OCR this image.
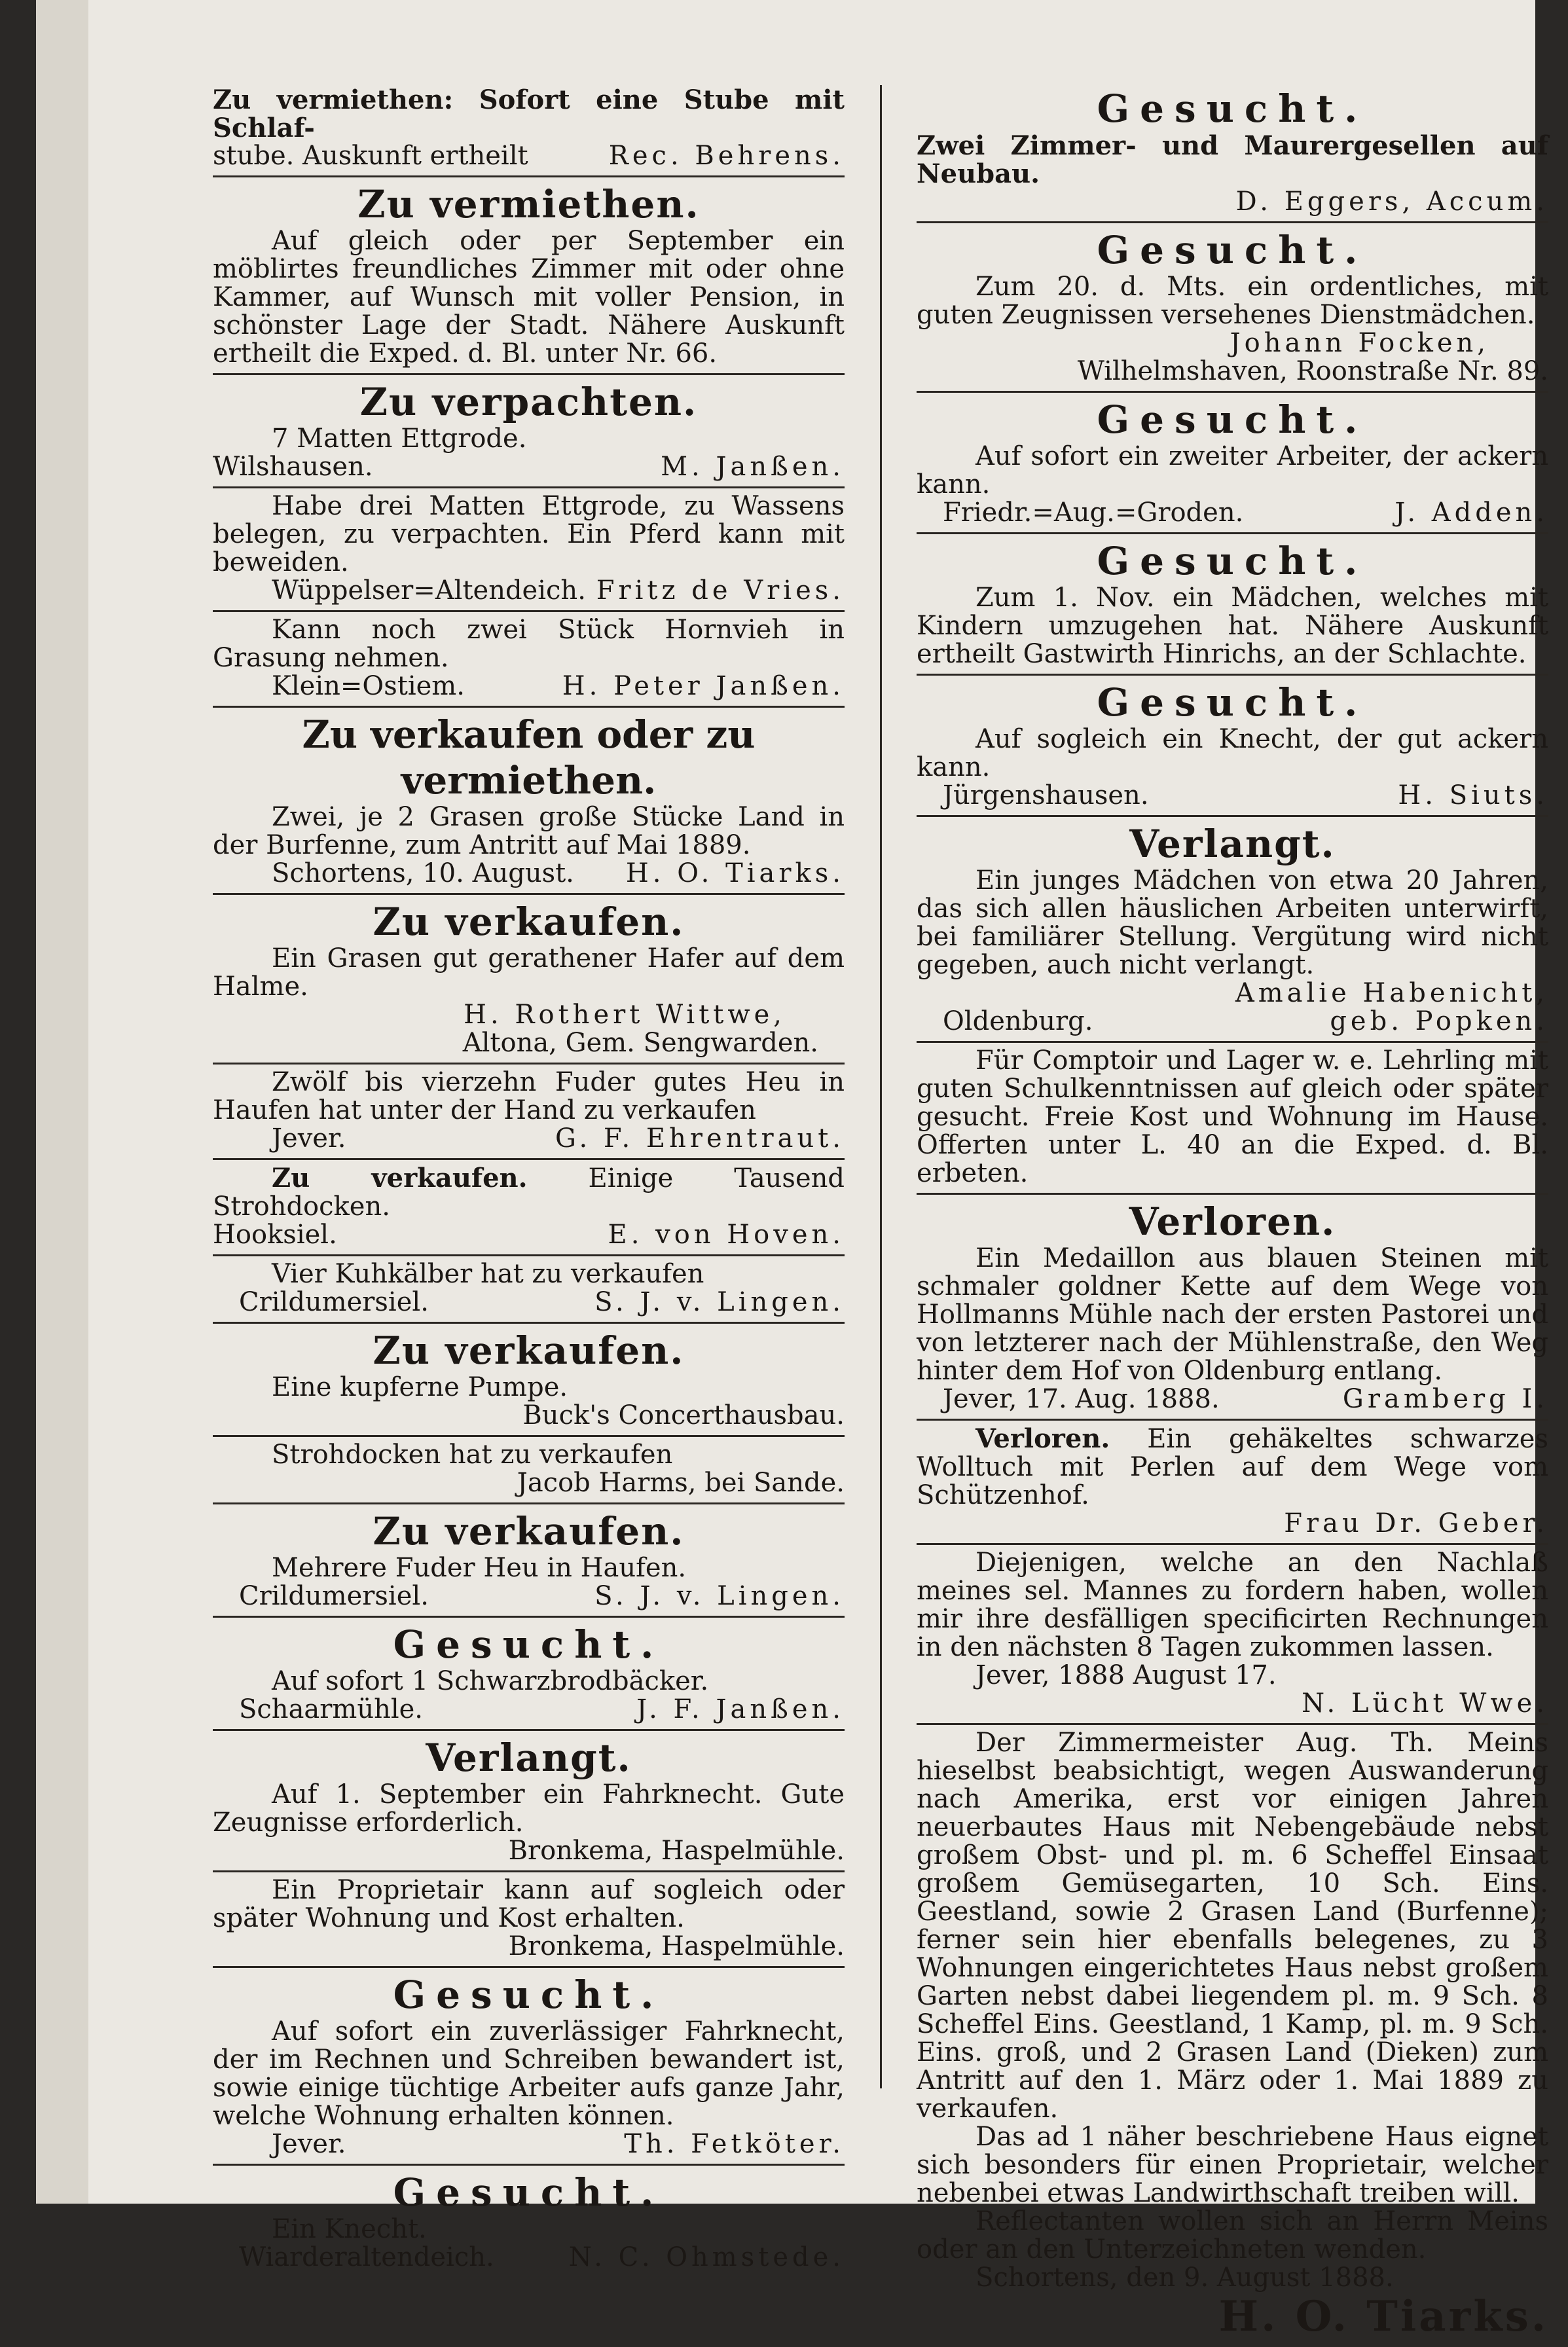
Zu vermiethen: Sofort eine Stube mit Schlaf-

stube. Auskunft ertheilt	Rec. Behrens.
Zu vermiethen.

Auf gleich oder per September ein möblirtes freundliches Zimmer mit oder ohne Kammer, auf Wunsch mit voller Pension, in schönster Lage der Stadt. Nähere Auskunft ertheilt die Exped. d. Bl. unter Nr. 66.

Zu verpachten.

7 Matten Ettgrode.

Wilshausen.	M. Janßen.

Habe drei Matten Ettgrode, zu Wassens belegen, zu verpachten. Ein Pferd kann mit beweiden.

Wüppelser=Altendeich. Fritz de Vries.

Kann noch zwei Stück Hornvieh in Grasung nehmen.

Klein=Ostiem.	H. Peter Janßen.
Zu verkaufen oder zu vermiethen.

Zwei, je 2 Grasen große Stücke Land in der Burfenne, zum Antritt auf Mai 1889.

Schortens, 10. August. H. O. Tiarks.
Zu verkaufen.

Ein Grasen gut gerathener Hafer auf dem Halme.

H. Rothert Wittwe,
Altona, Gem. Sengwarden.

Zwölf bis vierzehn Fuder gutes Heu in Haufen hat unter der Hand zu verkaufen

Jever.	G. F. Ehrentraut.

Zu verkaufen. Einige Tausend Strohdocken.

Hooksiel.	E. von Hoven.

Vier Kuhkälber hat zu verkaufen

Crildumersiel.	S. J. v. Lingen.
Zu verkaufen.

Eine kupferne Pumpe.

Buck's Concerthausbau.

Strohdocken hat zu verkaufen

Jacob Harms, bei Sande.
Zu verkaufen.

Mehrere Fuder Heu in Haufen.

Crildumersiel.	S. J. v. Lingen.
Gesucht.

Auf sofort 1 Schwarzbrodbäcker.

Schaarmühle.	J. F. Janßen.
Verlangt.

Auf 1. September ein Fahrknecht. Gute Zeugnisse erforderlich.

Bronkema, Haspelmühle.

Ein Proprietair kann auf sogleich oder später Wohnung und Kost erhalten.

Bronkema, Haspelmühle.
Gesucht.

Auf sofort ein zuverlässiger Fahrknecht, der im Rechnen und Schreiben bewandert ist, sowie einige tüchtige Arbeiter aufs ganze Jahr, welche Wohnung erhalten können.

Jever.	Th. Fetköter.
Gesucht.

Ein Knecht.

Wiarderaltendeich.	N. C. Ohmstede.
Gesucht.

Zwei Zimmer- und Maurergesellen auf Neubau.

D. Eggers, Accum.
Gesucht.

Zum 20. d. Mts. ein ordentliches, mit guten Zeugnissen versehenes Dienstmädchen.

Johann Focken,
Wilhelmshaven, Roonstraße Nr. 89.
Gesucht.

Auf sofort ein zweiter Arbeiter, der ackern kann.

Friedr.=Aug.=Groden.	J. Adden.
Gesucht.

Zum 1. Nov. ein Mädchen, welches mit Kindern umzugehen hat. Nähere Auskunft ertheilt Gastwirth Hinrichs, an der Schlachte.

Gesucht.

Auf sogleich ein Knecht, der gut ackern kann.

Jürgenshausen.	H. Siuts.
Verlangt.

Ein junges Mädchen von etwa 20 Jahren, das sich allen häuslichen Arbeiten unterwirft, bei familiärer Stellung. Vergütung wird nicht gegeben, auch nicht verlangt.

Amalie Habenicht,
Oldenburg.	geb. Popken.

Für Comptoir und Lager w. e. Lehrling mit guten Schulkenntnissen auf gleich oder später gesucht. Freie Kost und Wohnung im Hause. Offerten unter L. 40 an die Exped. d. Bl. erbeten.

Verloren.

Ein Medaillon aus blauen Steinen mit schmaler goldner Kette auf dem Wege von Hollmanns Mühle nach der ersten Pastorei und von letzterer nach der Mühlenstraße, den Weg hinter dem Hof von Oldenburg entlang.

Jever, 17. Aug. 1888.	Gramberg I.

Verloren. Ein gehäkeltes schwarzes Wolltuch mit Perlen auf dem Wege vom Schützenhof.

Frau Dr. Geber.

Diejenigen, welche an den Nachlaß meines sel. Mannes zu fordern haben, wollen mir ihre desfälligen specificirten Rechnungen in den nächsten 8 Tagen zukommen lassen.

Jever, 1888 August 17.

N. Lücht Wwe.

Der Zimmermeister Aug. Th. Meins hieselbst beabsichtigt, wegen Auswanderung nach Amerika, erst vor einigen Jahren neuerbautes Haus mit Nebengebäude nebst großem Obst- und pl. m. 6 Scheffel Einsaat großem Gemüsegarten, 10 Sch. Eins. Geestland, sowie 2 Grasen Land (Burfenne); ferner sein hier ebenfalls belegenes, zu 3 Wohnungen eingerichtetes Haus nebst großem Garten nebst dabei liegendem pl. m. 9 Sch. 8 Scheffel Eins. Geestland, 1 Kamp, pl. m. 9 Sch. Eins. groß, und 2 Grasen Land (Dieken) zum Antritt auf den 1. März oder 1. Mai 1889 zu verkaufen.

Das ad 1 näher beschriebene Haus eignet sich besonders für einen Proprietair, welcher nebenbei etwas Landwirthschaft treiben will.

Reflectanten wollen sich an Herrn Meins oder an den Unterzeichneten wenden.

Schortens, den 9. August 1888.

H. O. Tiarks.
